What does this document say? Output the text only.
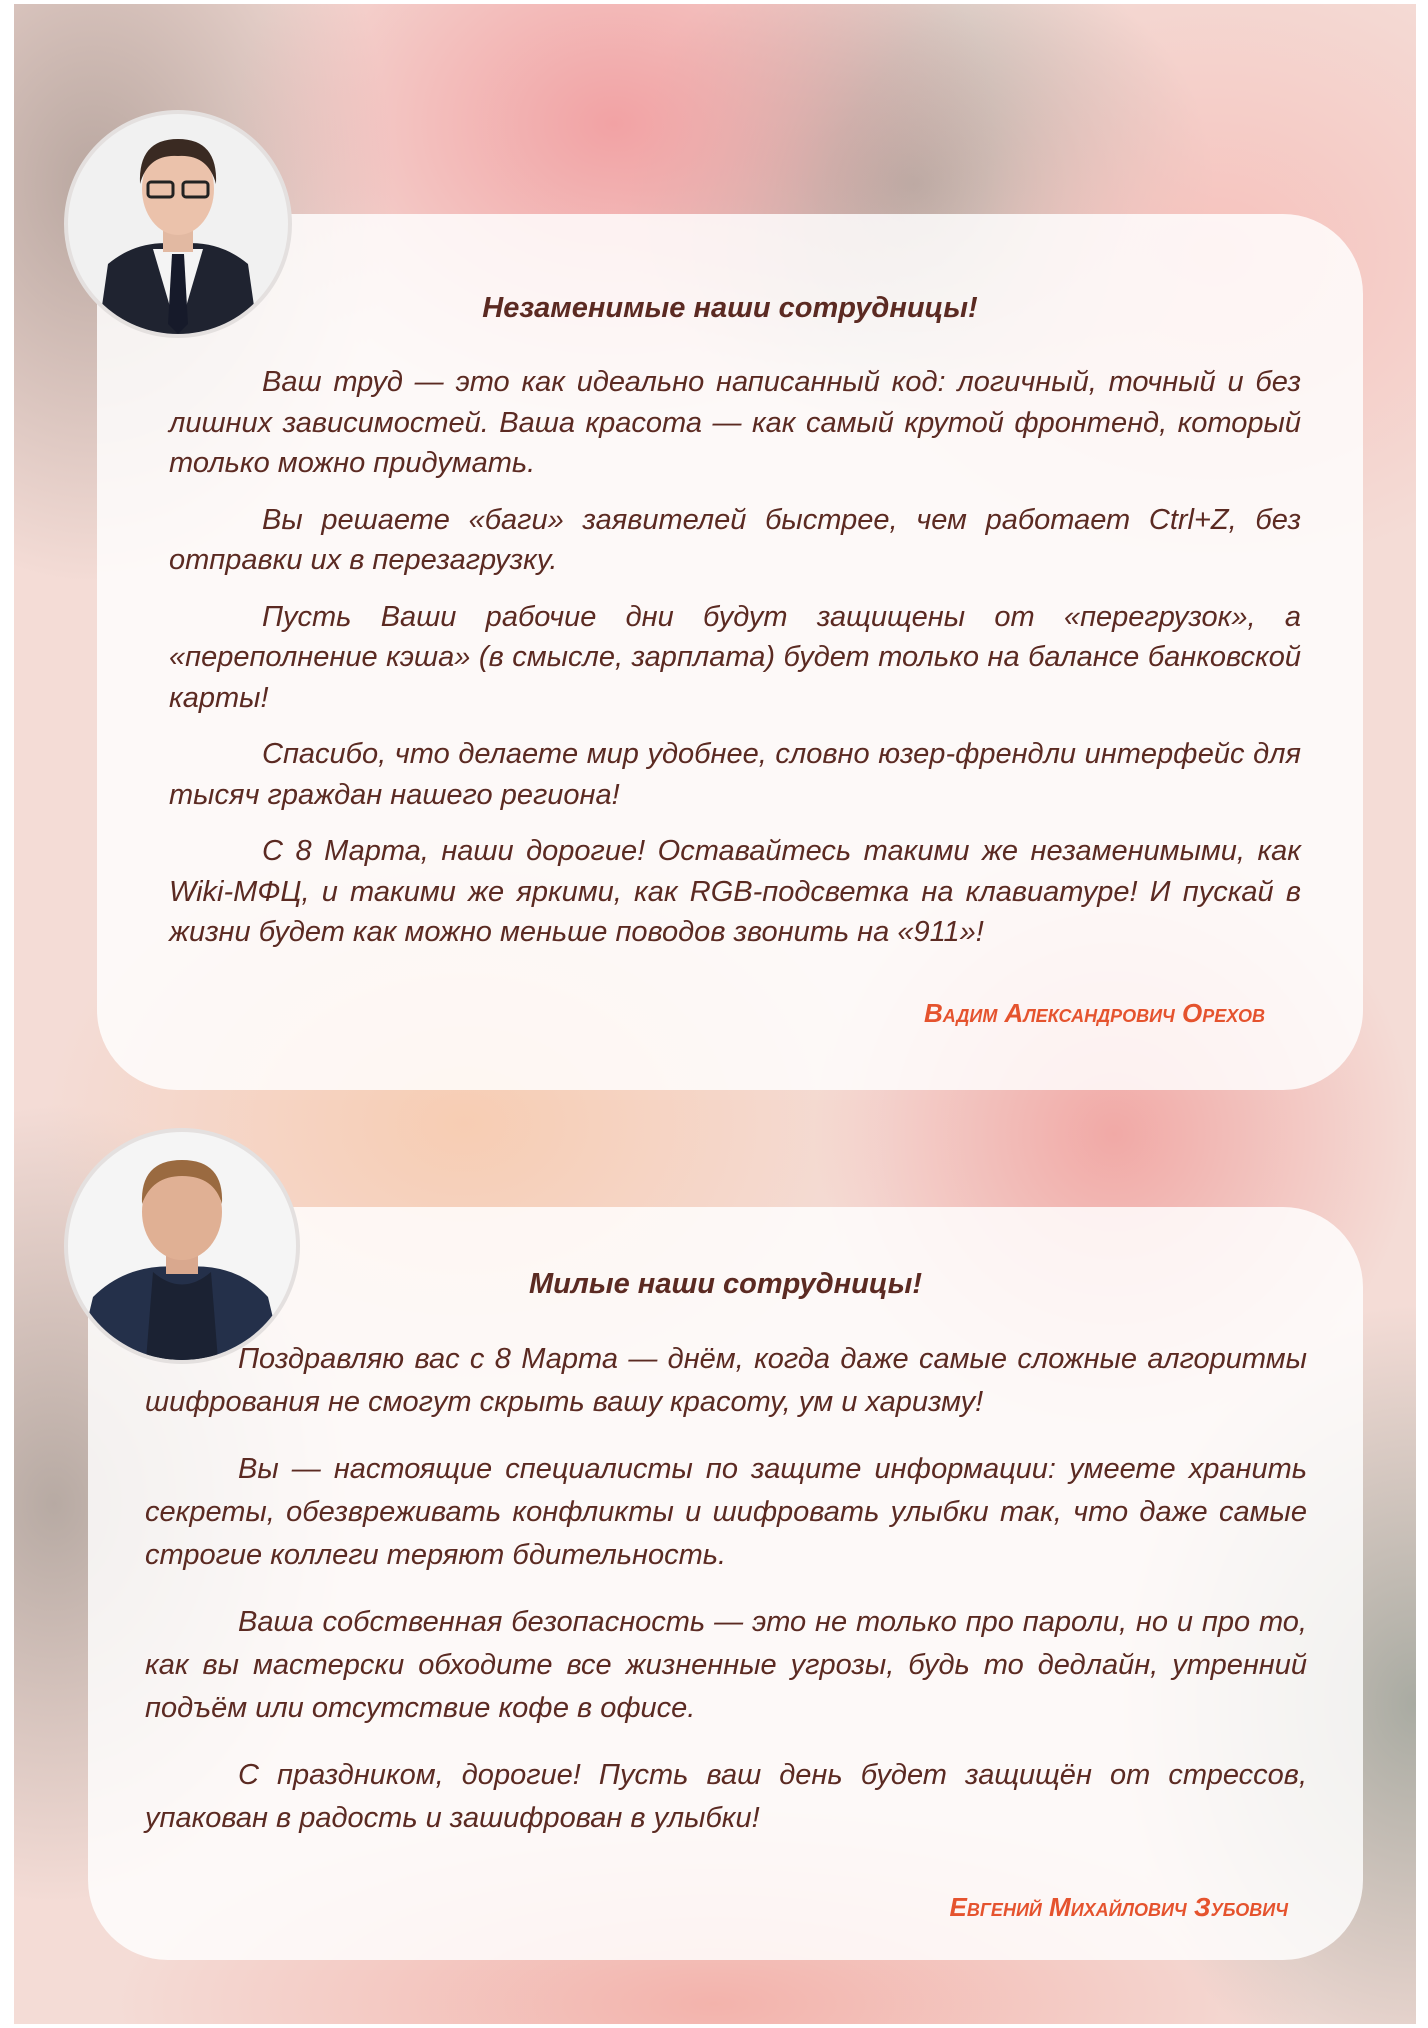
Незаменимые наши сотрудницы!

Ваш труд — это как идеально написанный код: логичный, точный и без лишних зависимостей. Ваша красота — как самый крутой фронтенд, который только можно придумать.

Вы решаете «баги» заявителей быстрее, чем работает Ctrl+Z, без отправки их в перезагрузку.

Пусть Ваши рабочие дни будут защищены от «перегрузок», а «переполнение кэша» (в смысле, зарплата) будет только на балансе банковской карты!

Спасибо, что делаете мир удобнее, словно юзер-френдли интерфейс для тысяч граждан нашего региона!

С 8 Марта, наши дорогие! Оставайтесь такими же незаменимыми, как Wiki-МФЦ, и такими же яркими, как RGB-подсветка на клавиатуре! И пускай в жизни будет как можно меньше поводов звонить на «911»!

Вадим Александрович Орехов
Милые наши сотрудницы!

Поздравляю вас с 8 Марта — днём, когда даже самые сложные алгоритмы шифрования не смогут скрыть вашу красоту, ум и харизму!

Вы — настоящие специалисты по защите информации: умеете хранить секреты, обезвреживать конфликты и шифровать улыбки так, что даже самые строгие коллеги теряют бдительность.

Ваша собственная безопасность — это не только про пароли, но и про то, как вы мастерски обходите все жизненные угрозы, будь то дедлайн, утренний подъём или отсутствие кофе в офисе.

С праздником, дорогие! Пусть ваш день будет защищён от стрессов, упакован в радость и зашифрован в улыбки!

Евгений Михайлович Зубович
